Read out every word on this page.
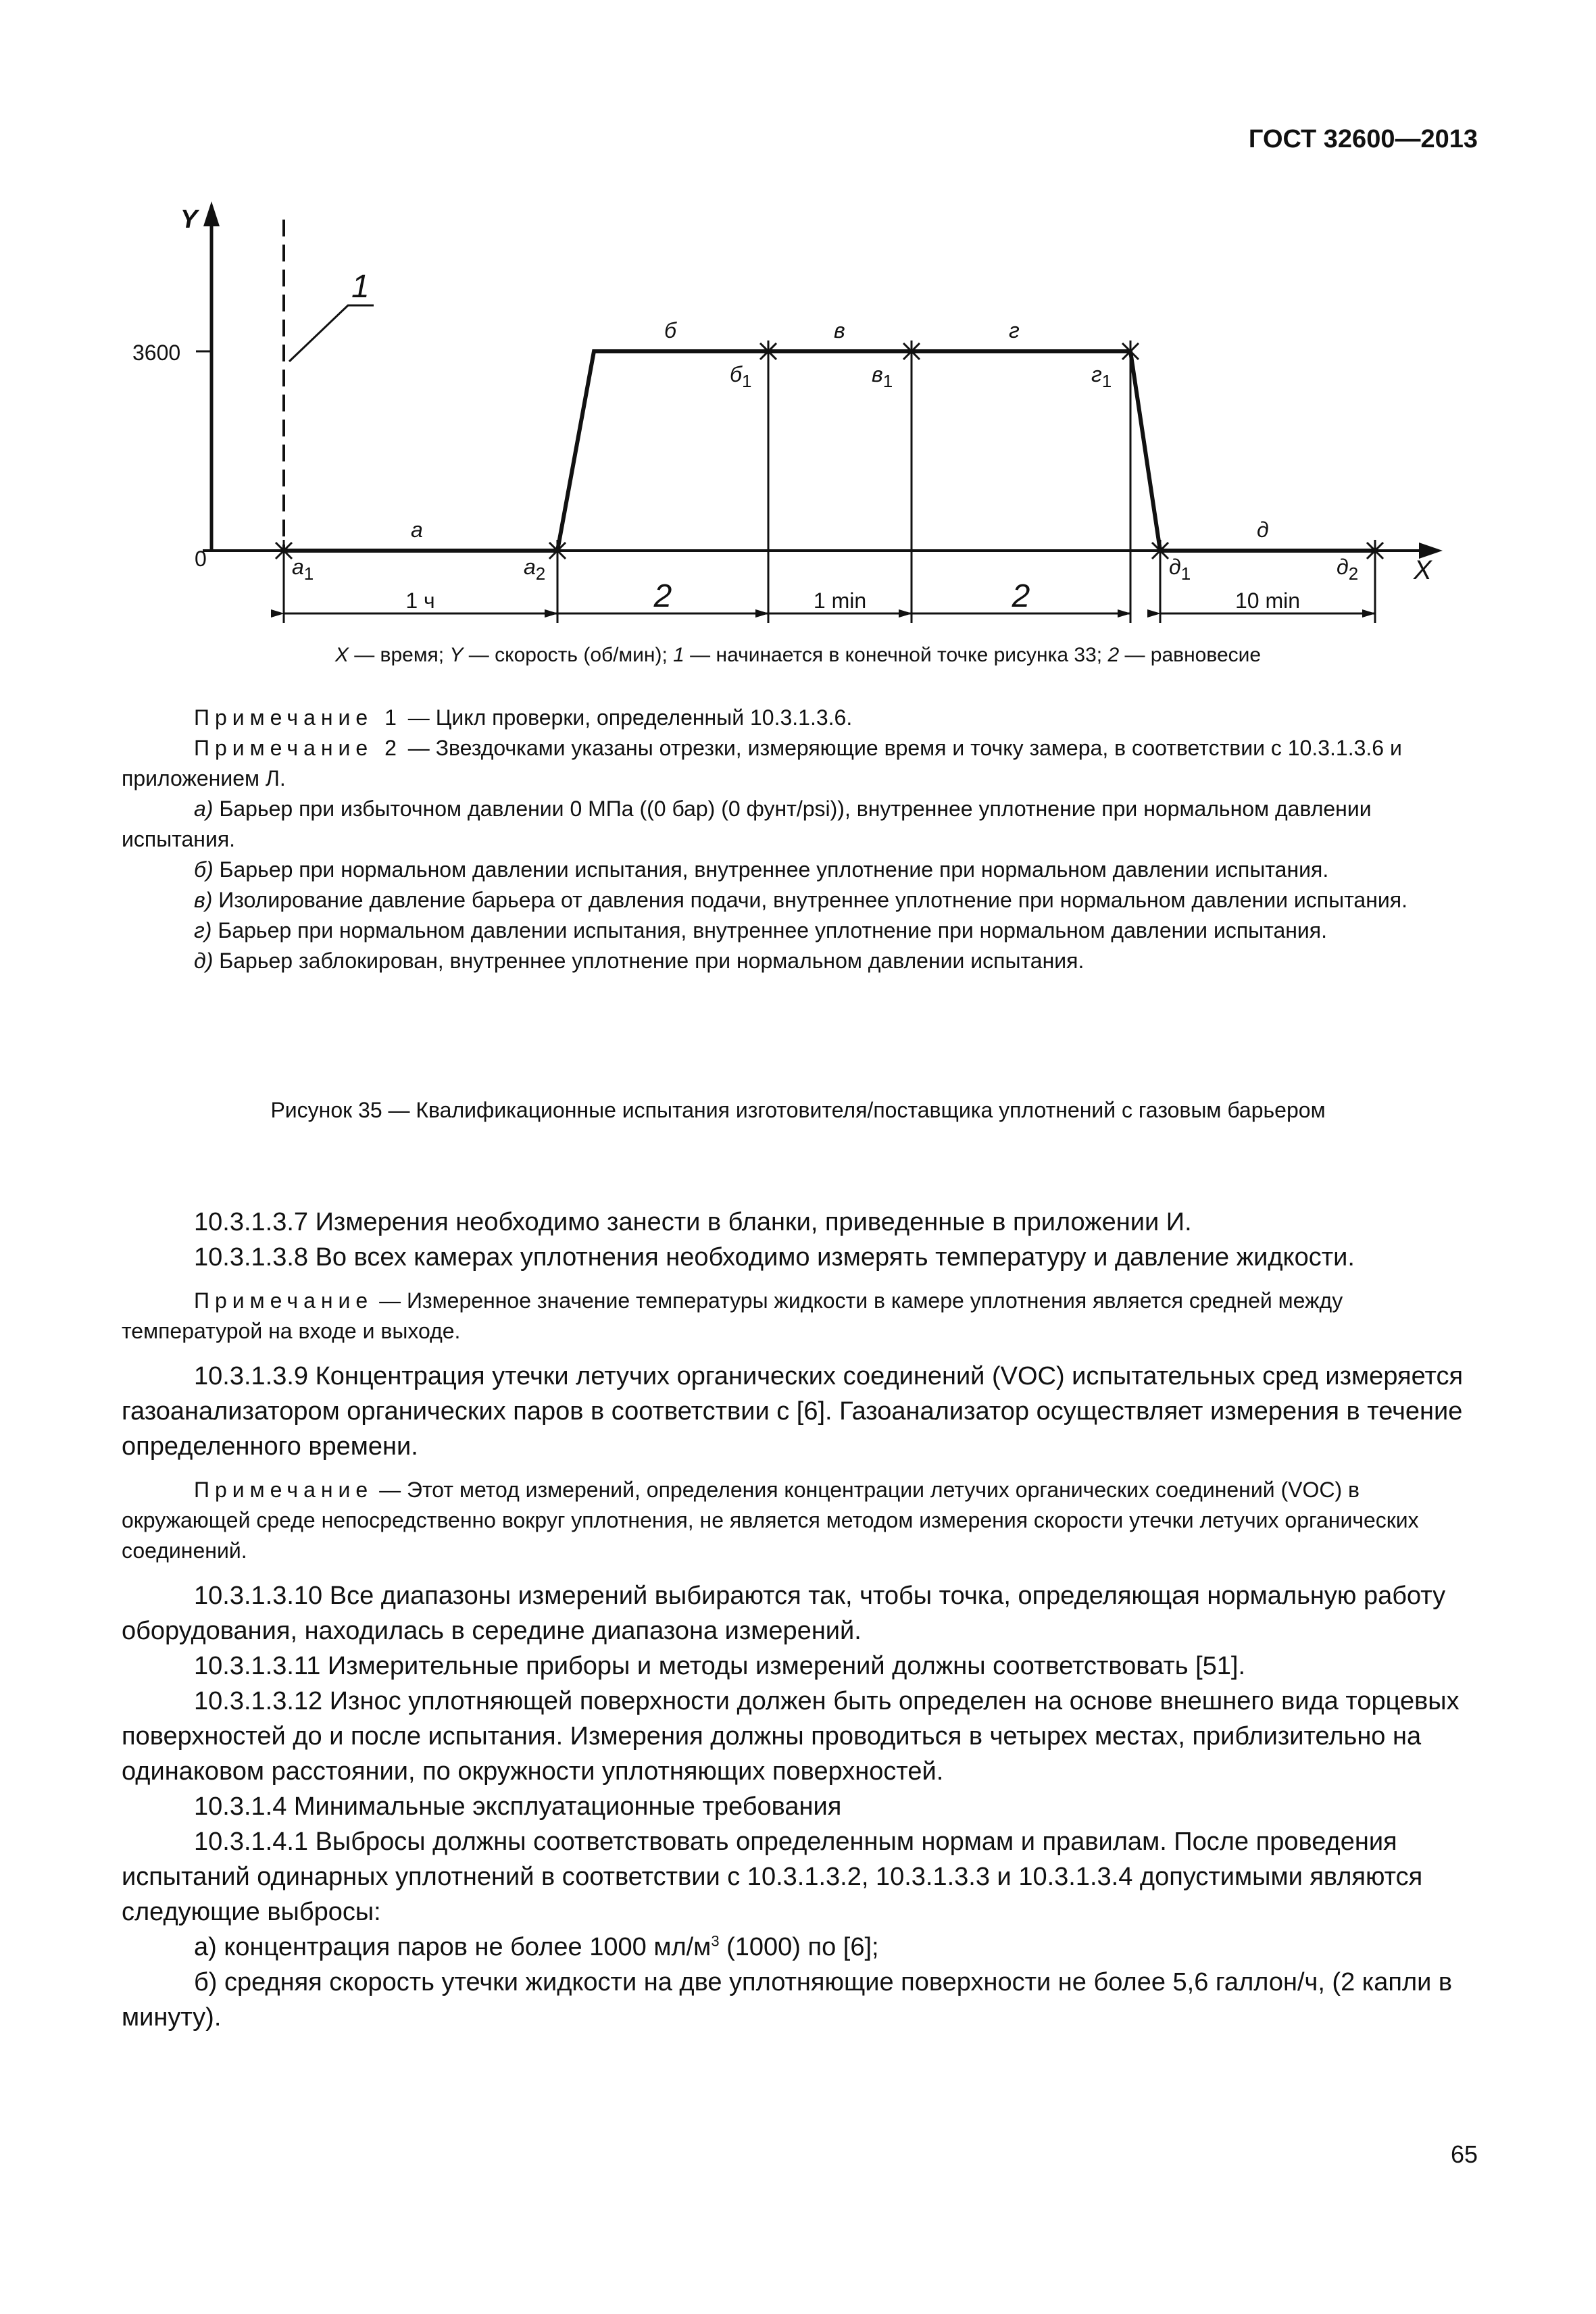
ГОСТ 32600—2013
Y
X
3600
0
1
а
б	в	г
д
$а_1$	$а_2$
$б_1$	$в_1$	$г_1$
$д_1$	$д_2$
1 ч	2	1 min	2	10 min
X — время; Y — скорость (об/мин); 1 — начинается в конечной точке рисунка 33; 2 — равновесие

Примечание 1 — Цикл проверки, определенный 10.3.1.3.6.

Примечание 2 — Звездочками указаны отрезки, измеряющие время и точку замера, в соответствии с 10.3.1.3.6 и приложением Л.

а) Барьер при избыточном давлении 0 МПа ((0 бар) (0 фунт/psi)), внутреннее уплотнение при нормальном давлении испытания.

б) Барьер при нормальном давлении испытания, внутреннее уплотнение при нормальном давлении испытания.

в) Изолирование давление барьера от давления подачи, внутреннее уплотнение при нормальном давлении испытания.

г) Барьер при нормальном давлении испытания, внутреннее уплотнение при нормальном давлении испытания.

д) Барьер заблокирован, внутреннее уплотнение при нормальном давлении испытания.

Рисунок 35 — Квалификационные испытания изготовителя/поставщика уплотнений с газовым барьером

10.3.1.3.7 Измерения необходимо занести в бланки, приведенные в приложении И.

10.3.1.3.8 Во всех камерах уплотнения необходимо измерять температуру и давление жидкости.

Примечание — Измеренное значение температуры жидкости в камере уплотнения является средней между температурой на входе и выходе.

10.3.1.3.9 Концентрация утечки летучих органических соединений (VOC) испытательных сред измеряется газоанализатором органических паров в соответствии с [6]. Газоанализатор осуществляет измерения в течение определенного времени.

Примечание — Этот метод измерений, определения концентрации летучих органических соединений (VOC) в окружающей среде непосредственно вокруг уплотнения, не является методом измерения скорости утечки летучих органических соединений.

10.3.1.3.10 Все диапазоны измерений выбираются так, чтобы точка, определяющая нормальную работу оборудования, находилась в середине диапазона измерений.

10.3.1.3.11 Измерительные приборы и методы измерений должны соответствовать [51].

10.3.1.3.12 Износ уплотняющей поверхности должен быть определен на основе внешнего вида торцевых поверхностей до и после испытания. Измерения должны проводиться в четырех местах, приблизительно на одинаковом расстоянии, по окружности уплотняющих поверхностей.

10.3.1.4 Минимальные эксплуатационные требования

10.3.1.4.1 Выбросы должны соответствовать определенным нормам и правилам. После проведения испытаний одинарных уплотнений в соответствии с 10.3.1.3.2, 10.3.1.3.3 и 10.3.1.3.4 допустимыми являются следующие выбросы:

а) концентрация паров не более 1000 $мл/м^3$ (1000) по [6];

б) средняя скорость утечки жидкости на две уплотняющие поверхности не более 5,6 галлон/ч, (2 капли в минуту).

65
